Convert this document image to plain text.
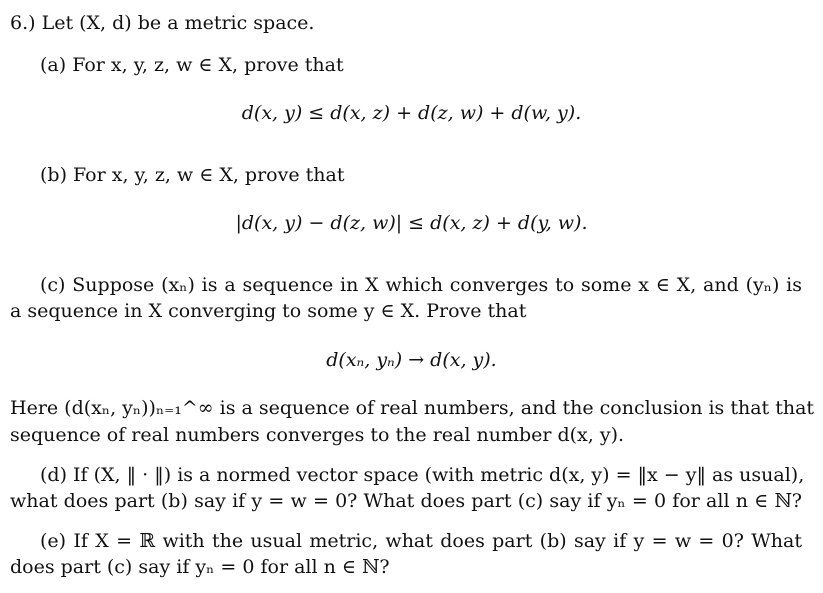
6.) Let (X, d) be a metric space.
(a) For x, y, z, w ∈ X, prove that
d(x, y) ≤ d(x, z) + d(z, w) + d(w, y).
(b) For x, y, z, w ∈ X, prove that
|d(x, y) − d(z, w)| ≤ d(x, z) + d(y, w).
(c) Suppose (xₙ) is a sequence in X which converges to some x ∈ X, and (yₙ) is
a sequence in X converging to some y ∈ X. Prove that
d(xₙ, yₙ) → d(x, y).
Here (d(xₙ, yₙ))ₙ₌₁^∞ is a sequence of real numbers, and the conclusion is that that
sequence of real numbers converges to the real number d(x, y).
(d) If (X, ‖ · ‖) is a normed vector space (with metric d(x, y) = ‖x − y‖ as usual),
what does part (b) say if y = w = 0? What does part (c) say if yₙ = 0 for all n ∈ ℕ?
(e) If X = ℝ with the usual metric, what does part (b) say if y = w = 0? What
does part (c) say if yₙ = 0 for all n ∈ ℕ?
